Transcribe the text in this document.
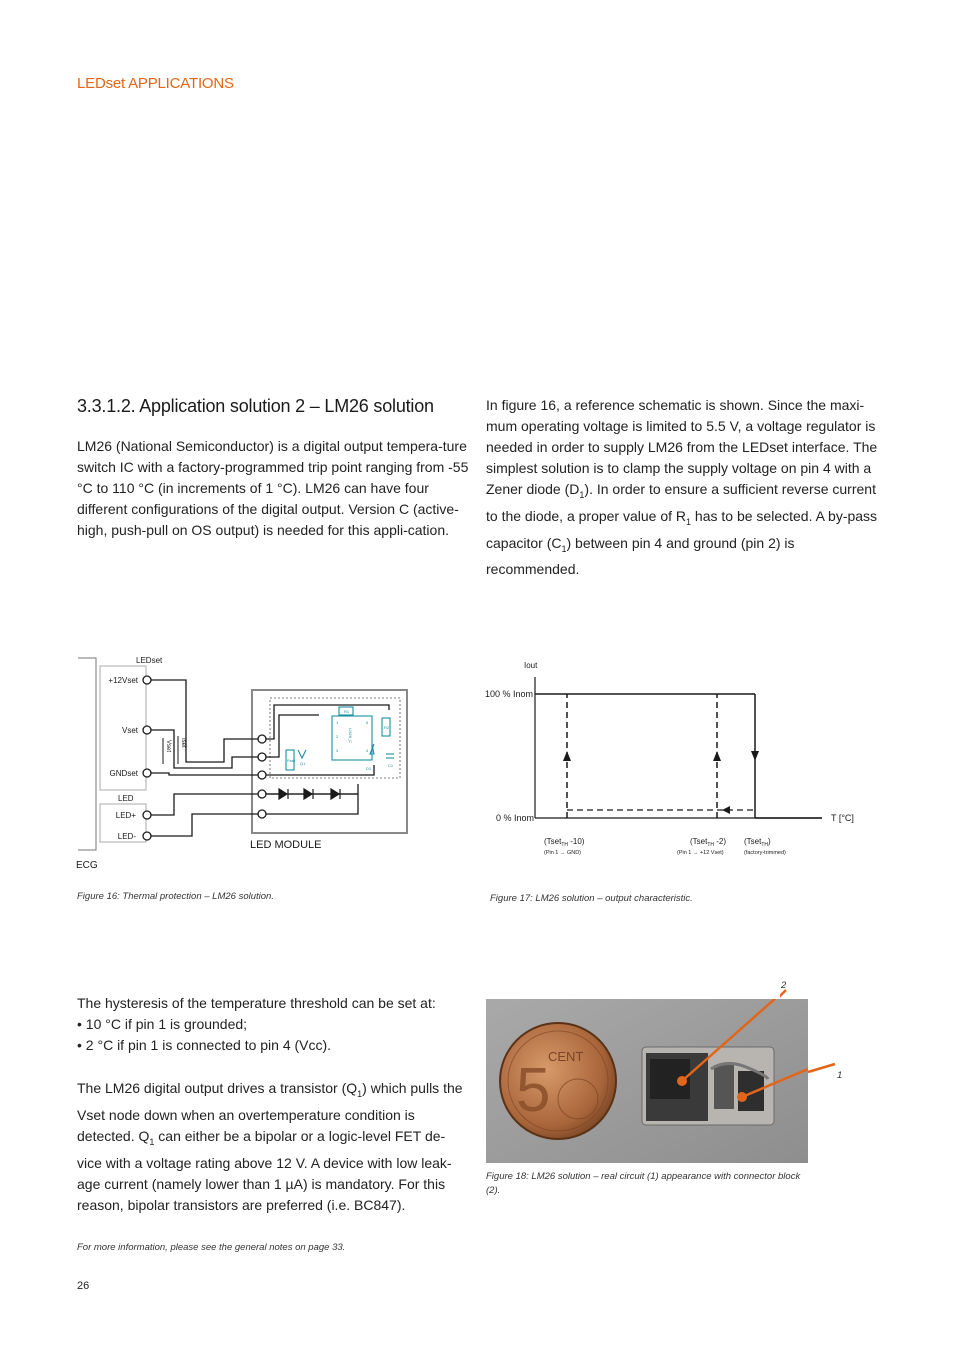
LEDset APPLICATIONS
3.3.1.2. Application solution 2 – LM26 solution

LM26 (National Semiconductor) is a digital output tempera-ture switch IC with a factory-programmed trip point ranging from -55 °C to 110 °C (in increments of 1 °C). LM26 can have four different configurations of the digital output. Version C (active-high, push-pull on OS output) is needed for this appli-cation.

In figure 16, a reference schematic is shown. Since the maxi-mum operating voltage is limited to 5.5 V, a voltage regulator is needed in order to supply LM26 from the LEDset interface. The simplest solution is to clamp the supply voltage on pin 4 with a Zener diode $(D_1)$. In order to ensure a sufficient reverse current to the diode, a proper value of $R_1$ has to be selected. A by-pass capacitor $(C_1)$ between pin 4 and ground (pin 2) is recommended.

LEDset
+12Vset
Vset
GNDset
LED
LED+
LED-
ECG
LED MODULE
Vset Iset
R1
R2
Rset
Q1
D1
C1
LM26_C
1
2
3	4
5
Figure 16: Thermal protection – LM26 solution.
Iout
100 % Inom
0 % Inom	T [°C]
(Tset$_{TH}$ -10)
(Pin 1 → GND)
(Tset$_{TH}$ -2)
(Pin 1 → +12 Vset)
(Tset$_{TH}$)
(factory-trimmed)
Figure 17: LM26 solution – output characteristic.

The hysteresis of the temperature threshold can be set at:

• 10 °C if pin 1 is grounded;

• 2 °C if pin 1 is connected to pin 4 (Vcc).

The LM26 digital output drives a transistor $(Q_1)$ which pulls the Vset node down when an overtemperature condition is detected. $Q_1$ can either be a bipolar or a logic-level FET de-vice with a voltage rating above 12 V. A device with low leak-age current (namely lower than 1 µA) is mandatory. For this reason, bipolar transistors are preferred (i.e. BC847).

5
CENT
2
1
Figure 18: LM26 solution – real circuit (1) appearance with connector block (2).
For more information, please see the general notes on page 33.
26
